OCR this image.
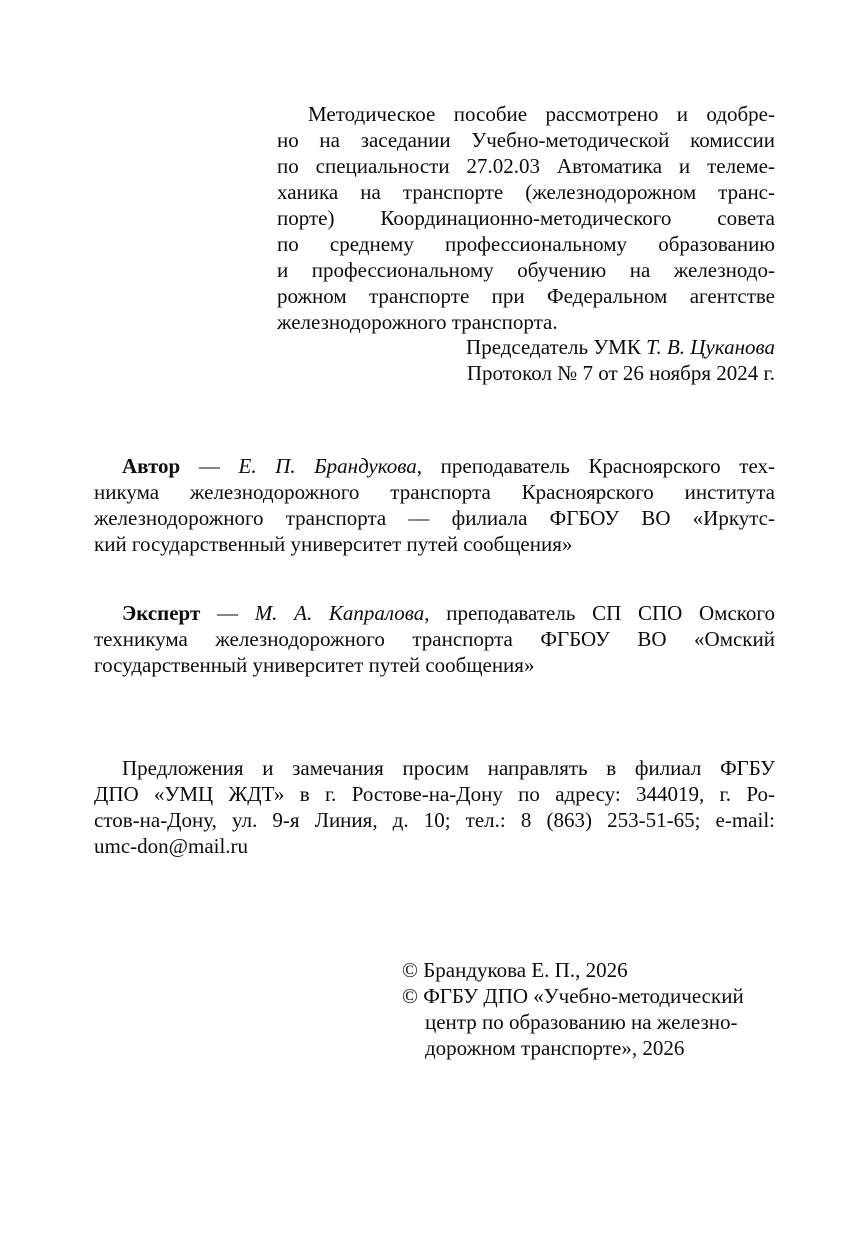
Методическое пособие рассмотрено и одобре-
но на заседании Учебно-методической комиссии
по специальности 27.02.03 Автоматика и телеме-
ханика на транспорте (железнодорожном транс-
порте) Координационно-методического совета
по среднему профессиональному образованию
и профессиональному обучению на железнодо-
рожном транспорте при Федеральном агентстве
железнодорожного транспорта.
Председатель УМК Т. В. Цуканова
Протокол № 7 от 26 ноября 2024 г.
Автор — Е. П. Брандукова, преподаватель Красноярского тех-
никума железнодорожного транспорта Красноярского института
железнодорожного транспорта — филиала ФГБОУ ВО «Иркутс-
кий государственный университет путей сообщения»
Эксперт — М. А. Капралова, преподаватель СП СПО Омского
техникума железнодорожного транспорта ФГБОУ ВО «Омский
государственный университет путей сообщения»
Предложения и замечания просим направлять в филиал ФГБУ
ДПО «УМЦ ЖДТ» в г. Ростове-на-Дону по адресу: 344019, г. Ро-
стов-на-Дону, ул. 9-я Линия, д. 10; тел.: 8 (863) 253-51-65; e-mail:
umc-don@mail.ru
© Брандукова Е. П., 2026
© ФГБУ ДПО «Учебно-методический
центр по образованию на железно-
дорожном транспорте», 2026
